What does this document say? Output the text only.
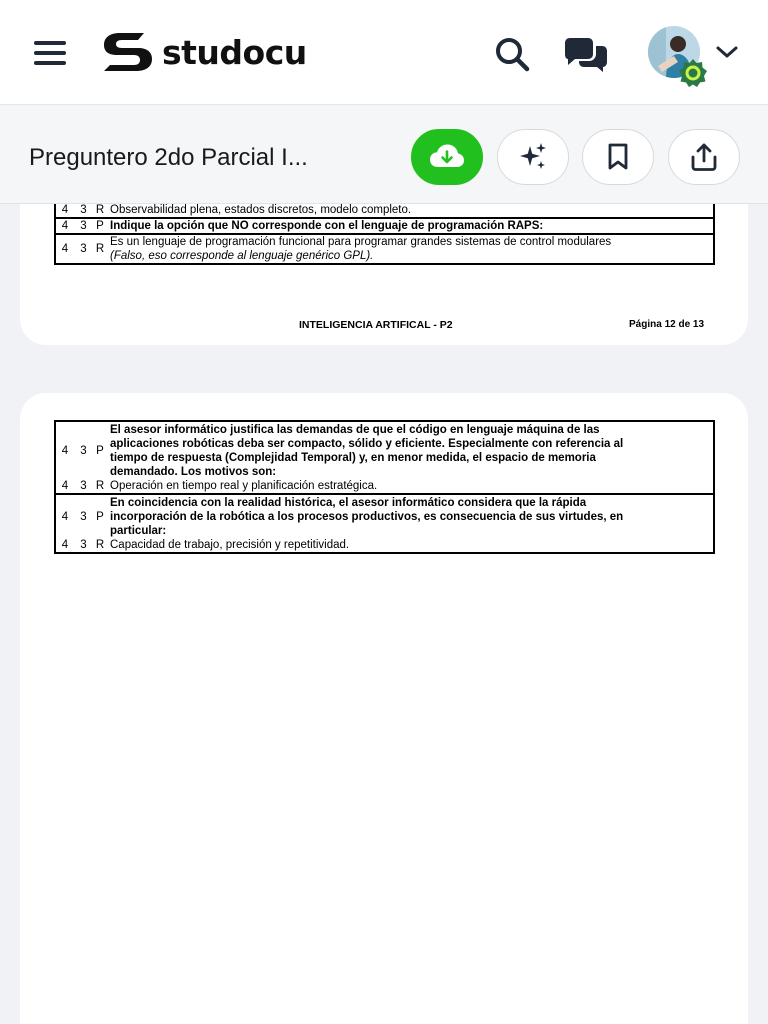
studocu
4	3	R	Observabilidad plena, estados discretos, modelo completo.
4	3	P	Indique la opción que NO corresponde con el lenguaje de programación RAPS:
4	3	R	Es un lenguaje de programación funcional para programar grandes sistemas de control modulares
(Falso, eso corresponde al lenguaje genérico GPL).
INTELIGENCIA ARTIFICAL - P2	Página 12 de 13
4	3	P	El asesor informático justifica las demandas de que el código en lenguaje máquina de las
aplicaciones robóticas deba ser compacto, sólido y eficiente. Especialmente con referencia al
tiempo de respuesta (Complejidad Temporal) y, en menor medida, el espacio de memoria
demandado. Los motivos son:

4	3	R	Operación en tiempo real y planificación estratégica.
4	3	P	En coincidencia con la realidad histórica, el asesor informático considera que la rápida
incorporación de la robótica a los procesos productivos, es consecuencia de sus virtudes, en
particular:

4	3	R	Capacidad de trabajo, precisión y repetitividad.
Preguntero 2do Parcial I...
